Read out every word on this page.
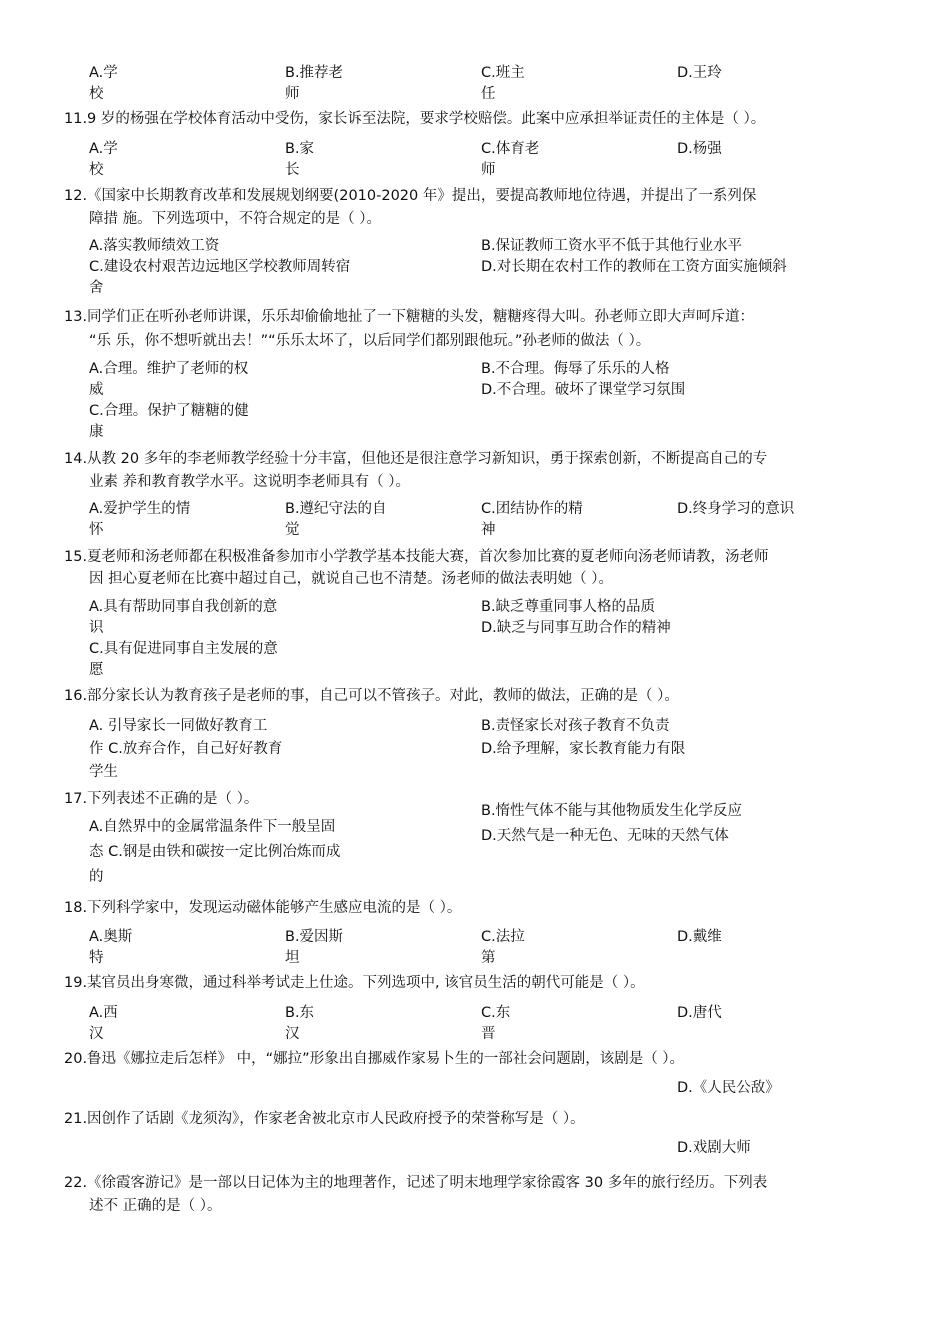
A.学
校
B.推荐老
师
C.班主
任
D.王玲
11.9 岁的杨强在学校体育活动中受伤，家长诉至法院，要求学校赔偿。此案中应承担举证责任的主体是（ ）。
A.学
校
B.家
长
C.体育老
师
D.杨强
12.《国家中长期教育改革和发展规划纲要(2010-2020 年》提出，要提高教师地位待遇，并提出了一系列保
障措 施。下列选项中，不符合规定的是（ ）。
A.落实教师绩效工资
C.建设农村艰苦边远地区学校教师周转宿
舍
B.保证教师工资水平不低于其他行业水平
D.对长期在农村工作的教师在工资方面实施倾斜
13.同学们正在听孙老师讲课，乐乐却偷偷地扯了一下糖糖的头发，糖糖疼得大叫。孙老师立即大声呵斥道：
“乐 乐，你不想听就出去！”“乐乐太坏了，以后同学们都别跟他玩。”孙老师的做法（ ）。
A.合理。维护了老师的权
威
C.合理。保护了糖糖的健
康
B.不合理。侮辱了乐乐的人格
D.不合理。破坏了课堂学习氛围
14.从教 20 多年的李老师教学经验十分丰富，但他还是很注意学习新知识，勇于探索创新，不断提高自己的专
业素 养和教育教学水平。这说明李老师具有（ ）。
A.爱护学生的情
怀
B.遵纪守法的自
觉
C.团结协作的精
神
D.终身学习的意识
15.夏老师和汤老师都在积极准备参加市小学教学基本技能大赛，首次参加比赛的夏老师向汤老师请教，汤老师
因 担心夏老师在比赛中超过自己，就说自己也不清楚。汤老师的做法表明她（ ）。
A.具有帮助同事自我创新的意
识
C.具有促进同事自主发展的意
愿
B.缺乏尊重同事人格的品质
D.缺乏与同事互助合作的精神
16.部分家长认为教育孩子是老师的事，自己可以不管孩子。对此，教师的做法，正确的是（ ）。
A. 引导家长一同做好教育工
作 C.放弃合作，自己好好教育
学生
B.责怪家长对孩子教育不负责
D.给予理解，家长教育能力有限
17.下列表述不正确的是（ ）。
A.自然界中的金属常温条件下一般呈固
态 C.钢是由铁和碳按一定比例冶炼而成
的
B.惰性气体不能与其他物质发生化学反应
D.天然气是一种无色、无味的天然气体
18.下列科学家中，发现运动磁体能够产生感应电流的是（ ）。
A.奥斯
特
B.爱因斯
坦
C.法拉
第
D.戴维
19.某官员出身寒微，通过科举考试走上仕途。下列选项中, 该官员生活的朝代可能是（ ）。
A.西
汉
B.东
汉
C.东
晋
D.唐代
20.鲁迅《娜拉走后怎样》 中，“娜拉”形象出自挪威作家易卜生的一部社会问题剧，该剧是（ ）。
D.《人民公敌》
21.因创作了话剧《龙须沟》，作家老舍被北京市人民政府授予的荣誉称写是（ ）。
D.戏剧大师
22.《徐霞客游记》是一部以日记体为主的地理著作，记述了明末地理学家徐霞客 30 多年的旅行经历。下列表
述不 正确的是（ ）。
